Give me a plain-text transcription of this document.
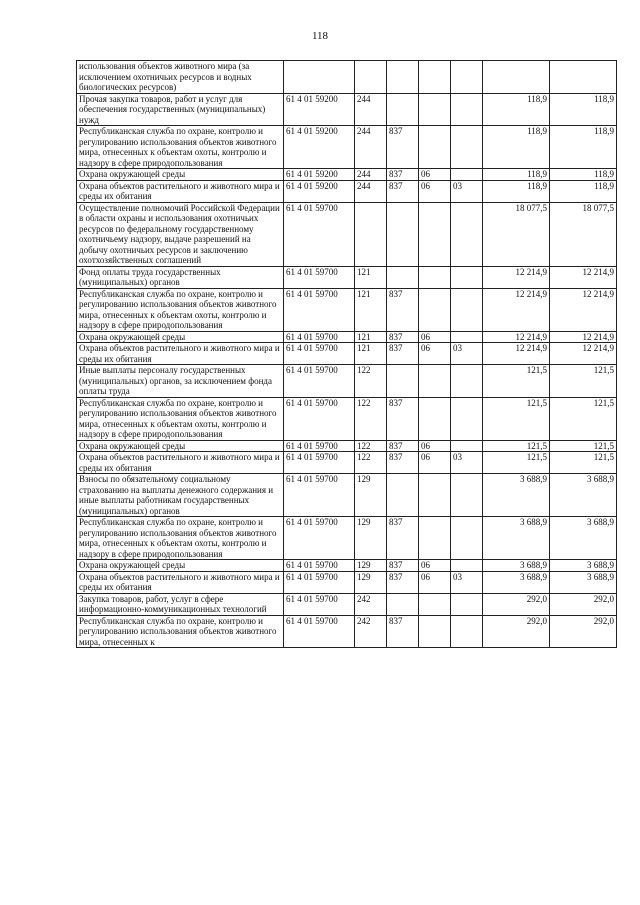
118
использования объектов животного мира (за исключением охотничьих ресурсов и водных биологических ресурсов)							
Прочая закупка товаров, работ и услуг для обеспечения государственных (муниципальных) нужд	61 4 01 59200	244				118,9	118,9
Республиканская служба по охране, контролю и регулированию использования объектов животного мира, отнесенных к объектам охоты, контролю и надзору в сфере природопользования	61 4 01 59200	244	837			118,9	118,9
Охрана окружающей среды	61 4 01 59200	244	837	06		118,9	118,9
Охрана объектов растительного и животного мира и среды их обитания	61 4 01 59200	244	837	06	03	118,9	118,9
Осуществление полномочий Российской Федерации в области охраны и использования охотничьих ресурсов по федеральному государственному охотничьему надзору, выдаче разрешений на добычу охотничьих ресурсов и заключению охотхозяйственных соглашений	61 4 01 59700					18 077,5	18 077,5
Фонд оплаты труда государственных (муниципальных) органов	61 4 01 59700	121				12 214,9	12 214,9
Республиканская служба по охране, контролю и регулированию использования объектов животного мира, отнесенных к объектам охоты, контролю и надзору в сфере природопользования	61 4 01 59700	121	837			12 214,9	12 214,9
Охрана окружающей среды	61 4 01 59700	121	837	06		12 214,9	12 214,9
Охрана объектов растительного и животного мира и среды их обитания	61 4 01 59700	121	837	06	03	12 214,9	12 214,9
Иные выплаты персоналу государственных (муниципальных) органов, за исключением фонда оплаты труда	61 4 01 59700	122				121,5	121,5
Республиканская служба по охране, контролю и регулированию использования объектов животного мира, отнесенных к объектам охоты, контролю и надзору в сфере природопользования	61 4 01 59700	122	837			121,5	121,5
Охрана окружающей среды	61 4 01 59700	122	837	06		121,5	121,5
Охрана объектов растительного и животного мира и среды их обитания	61 4 01 59700	122	837	06	03	121,5	121,5
Взносы по обязательному социальному страхованию на выплаты денежного содержания и иные выплаты работникам государственных (муниципальных) органов	61 4 01 59700	129				3 688,9	3 688,9
Республиканская служба по охране, контролю и регулированию использования объектов животного мира, отнесенных к объектам охоты, контролю и надзору в сфере природопользования	61 4 01 59700	129	837			3 688,9	3 688,9
Охрана окружающей среды	61 4 01 59700	129	837	06		3 688,9	3 688,9
Охрана объектов растительного и животного мира и среды их обитания	61 4 01 59700	129	837	06	03	3 688,9	3 688,9
Закупка товаров, работ, услуг в сфере информационно-коммуникационных технологий	61 4 01 59700	242				292,0	292,0
Республиканская служба по охране, контролю и регулированию использования объектов животного мира, отнесенных к	61 4 01 59700	242	837			292,0	292,0
